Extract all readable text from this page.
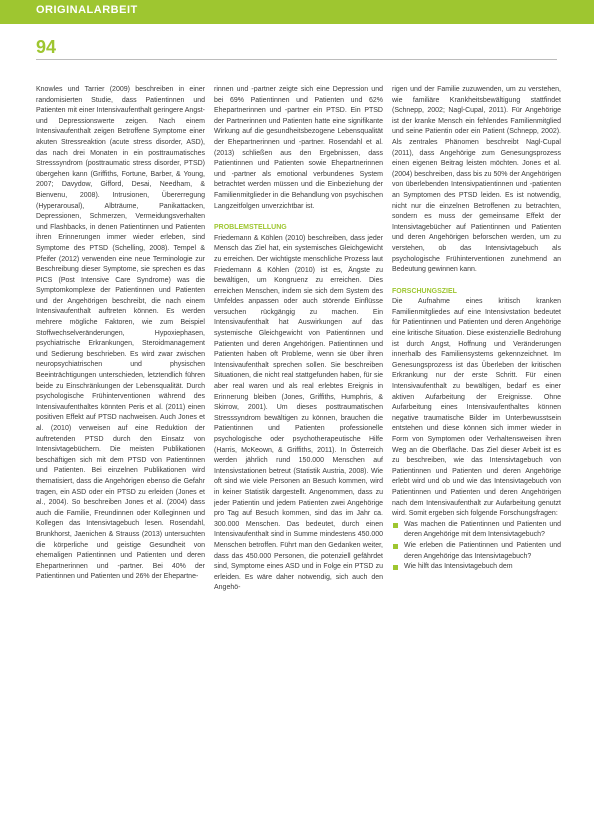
ORIGINALARBEIT
94

Knowles und Tarrier (2009) beschreiben in einer randomisierten Studie, dass Patientinnen und Patienten mit einer Intensivaufenthalt geringere Angst- und Depressionswerte zeigen. Nach einem Intensivaufenthalt zeigen Betroffene Symptome einer akuten Stressreaktion (acute stress disorder, ASD), das nach drei Monaten in ein posttraumatisches Stresssyndrom (posttraumatic stress disorder, PTSD) übergehen kann (Griffiths, Fortune, Barber, & Young, 2007; Davydow, Gifford, Desai, Needham, & Bienvenu, 2008). Intrusionen, Übererregung (Hyperarousal), Albträume, Panikattacken, Depressionen, Schmerzen, Vermeidungsverhalten und Flashbacks, in denen Patientinnen und Patienten ihren Erinnerungen immer wieder erleben, sind Symptome des PTSD (Schelling, 2008). Tempel & Pfeifer (2012) verwenden eine neue Terminologie zur Beschreibung dieser Symptome, sie sprechen es das PICS (Post Intensive Care Syndrome) was die Symptomkomplexe der Patientinnen und Patienten und der Angehörigen beschreibt, die nach einem Intensivaufenthalt auftreten können. Es werden mehrere mögliche Faktoren, wie zum Beispiel Stoffwechselveränderungen, Hypoxiephasen, psychiatrische Erkrankungen, Steroidmanagement und Sedierung beschrieben. Es wird zwar zwischen neuropsychiatrischen und physischen Beeinträchtigungen unterschieden, letztendlich führen beide zu Einschränkungen der Lebensqualität. Durch psychologische Frühinterventionen während des Intensivaufenthaltes könnten Peris et al. (2011) einen positiven Effekt auf PTSD nachweisen. Auch Jones et al. (2010) verweisen auf eine Reduktion der auftretenden PTSD durch den Einsatz von Intensivtagebüchern. Die meisten Publikationen beschäftigen sich mit dem PTSD von Patientinnen und Patienten. Bei einzelnen Publikationen wird thematisiert, dass die Angehörigen ebenso die Gefahr tragen, ein ASD oder ein PTSD zu erleiden (Jones et al., 2004). So beschreiben Jones et al. (2004) dass auch die Familie, Freundinnen oder Kolleginnen und Kollegen das Intensivtagebuch lesen. Rosendahl, Brunkhorst, Jaenichen & Strauss (2013) untersuchten die körperliche und geistige Gesundheit von ehemaligen Patientinnen und Patienten und deren Ehepartnerinnen und -partner. Bei 40% der Patientinnen und Patienten und 26% der Ehepartne-

rinnen und -partner zeigte sich eine Depression und bei 69% Patientinnen und Patienten und 62% Ehepartnerinnen und -partner ein PTSD. Ein PTSD der Partnerinnen und Patienten hatte eine signifikante Wirkung auf die gesundheitsbezogene Lebensqualität der Ehepartnerinnen und -partner. Rosendahl et al. (2013) schließen aus den Ergebnissen, dass Patientinnen und Patienten sowie Ehepartnerinnen und -partner als emotional verbundenes System betrachtet werden müssen und die Einbeziehung der Familienmitglieder in die Behandlung von psychischen Langzeitfolgen unverzichtbar ist.

PROBLEMSTELLUNG

Friedemann & Köhlen (2010) beschreiben, dass jeder Mensch das Ziel hat, ein systemisches Gleichgewicht zu erreichen. Der wichtigste menschliche Prozess laut Friedemann & Köhlen (2010) ist es, Ängste zu bewältigen, um Kongruenz zu erreichen. Dies erreichen Menschen, indem sie sich dem System des Umfeldes anpassen oder auch störende Einflüsse versuchen rückgängig zu machen. Ein Intensivaufenthalt hat Auswirkungen auf das systemische Gleichgewicht von Patientinnen und Patienten und deren Angehörigen. Patientinnen und Patienten haben oft Probleme, wenn sie über ihren Intensivaufenthalt sprechen sollen. Sie beschreiben Situationen, die nicht real stattgefunden haben, für sie aber real waren und als real erlebtes Ereignis in Erinnerung bleiben (Jones, Griffiths, Humphris, & Skirrow, 2001). Um dieses posttraumatischen Stresssyndrom bewältigen zu können, brauchen die Patientinnen und Patienten professionelle psychologische oder psychotherapeutische Hilfe (Harris, McKeown, & Griffiths, 2011). In Österreich werden jährlich rund 150.000 Menschen auf Intensivstationen betreut (Statistik Austria, 2008). Wie oft sind wie viele Personen an Besuch kommen, wird in keiner Statistik dargestellt. Angenommen, dass zu jeder Patientin und jedem Patienten zwei Angehörige pro Tag auf Besuch kommen, sind das im Jahr ca. 300.000 Menschen. Das bedeutet, durch einen Intensivaufenthalt sind in Summe mindestens 450.000 Menschen betroffen. Führt man den Gedanken weiter, dass das 450.000 Personen, die potenziell gefährdet sind, Symptome eines ASD und in Folge ein PTSD zu erleiden. Es wäre daher notwendig, sich auch den Angehö-

rigen und der Familie zuzuwenden, um zu verstehen, wie familiäre Krankheitsbewältigung stattfindet (Schnepp, 2002; Nagl-Cupal, 2011). Für Angehörige ist der kranke Mensch ein fehlendes Familienmitglied und seine Patientin oder ein Patient (Schnepp, 2002). Als zentrales Phänomen beschreibt Nagl-Cupal (2011), dass Angehörige zum Genesungsprozess einen eigenen Beitrag leisten möchten. Jones et al. (2004) beschreiben, dass bis zu 50% der Angehörigen von überlebenden Intensivpatientinnen und -patienten an Symptomen des PTSD leiden. Es ist notwendig, nicht nur die einzelnen Betroffenen zu betrachten, sondern es muss der gemeinsame Effekt der Intensivtagebücher auf Patientinnen und Patienten und deren Angehörigen beforschen werden, um zu verstehen, ob das Intensivtagebuch als psychologische Frühinterventionen zunehmend an Bedeutung gewinnen kann.

FORSCHUNGSZIEL

Die Aufnahme eines kritisch kranken Familienmitgliedes auf eine Intensivstation bedeutet für Patientinnen und Patienten und deren Angehörige eine kritische Situation. Diese existenzielle Bedrohung ist durch Angst, Hoffnung und Veränderungen innerhalb des Familiensystems gekennzeichnet. Im Genesungsprozess ist das Überleben der kritischen Erkrankung nur der erste Schritt. Für einen Intensivaufenthalt zu bewältigen, bedarf es einer aktiven Aufarbeitung der Ereignisse. Ohne Aufarbeitung eines Intensivaufenthaltes können negative traumatische Bilder im Unterbewusstsein entstehen und diese können sich immer wieder in Form von Symptomen oder Verhaltensweisen ihren Weg an die Oberfläche. Das Ziel dieser Arbeit ist es zu beschreiben, wie das Intensivtagebuch von Patientinnen und Patienten und deren Angehörige erlebt wird und ob und wie das Intensivtagebuch von Patientinnen und Patienten und deren Angehörigen nach dem Intensivaufenthalt zur Aufarbeitung genutzt wird. Somit ergeben sich folgende Forschungsfragen:

Was machen die Patientinnen und Patienten und deren Angehörige mit dem Intensivtagebuch?
Wie erleben die Patientinnen und Patienten und deren Angehörige das Intensivtagebuch?
Wie hilft das Intensivtagebuch dem
